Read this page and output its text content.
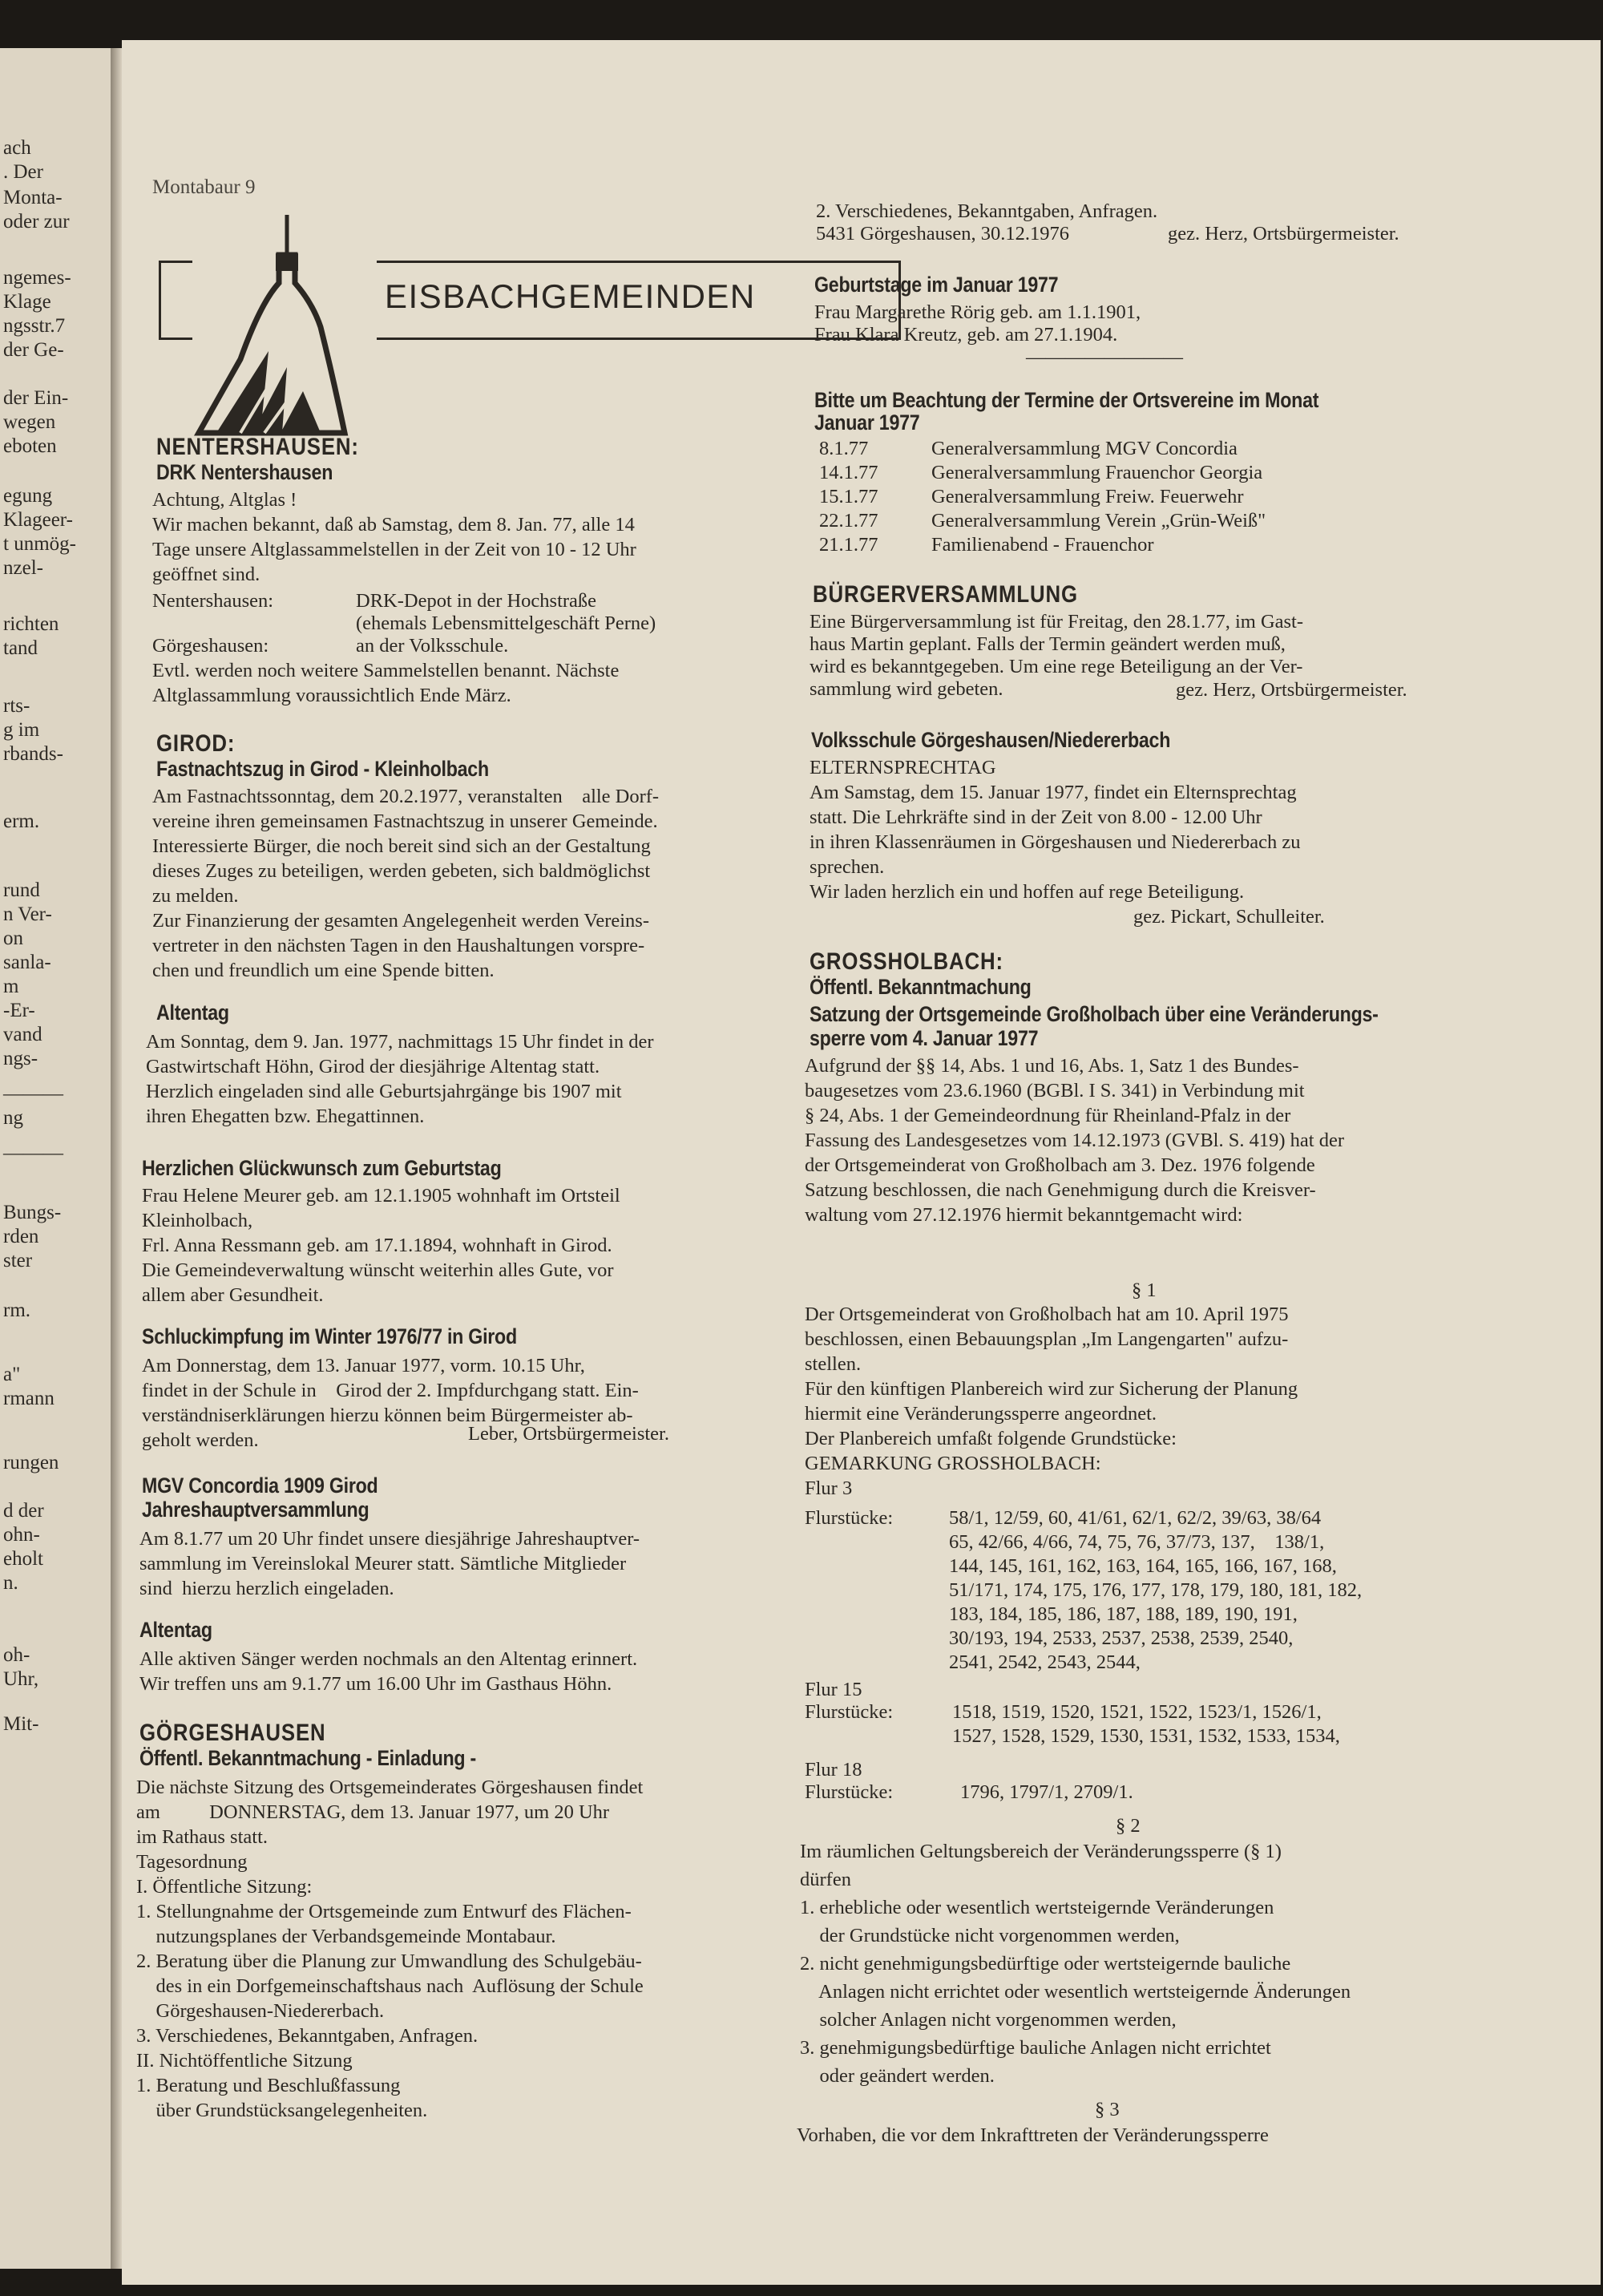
ach
. Der
Monta-
oder zur
ngemes-
Klage
ngsstr.7
der Ge-
der Ein-
wegen
eboten
egung
Klageer-
t unmög-
nzel-
richten
tand
rts-
g im
rbands-
erm.
rund
n Ver-
on
sanla-
m
-Er-
vand
ngs-
———
ng
———
Bungs-
rden
ster
rm.
a"
rmann
rungen
d der
ohn-
eholt
n.
oh-
Uhr,
Mit-
Montabaur 9
EISBACHGEMEINDEN
NENTERSHAUSEN:
DRK Nentershausen
Achtung, Altglas !
Wir machen bekannt, daß ab Samstag, dem 8. Jan. 77, alle 14
Tage unsere Altglassammelstellen in der Zeit von 10 - 12 Uhr
geöffnet sind.
Nentershausen:	DRK-Depot in der Hochstraße
(ehemals Lebensmittelgeschäft Perne)
Görgeshausen:	an der Volksschule.
Evtl. werden noch weitere Sammelstellen benannt. Nächste
Altglassammlung voraussichtlich Ende März.
GIROD:
Fastnachtszug in Girod - Kleinholbach
Am Fastnachtssonntag, dem 20.2.1977, veranstalten    alle Dorf-
vereine ihren gemeinsamen Fastnachtszug in unserer Gemeinde.
Interessierte Bürger, die noch bereit sind sich an der Gestaltung
dieses Zuges zu beteiligen, werden gebeten, sich baldmöglichst
zu melden.
Zur Finanzierung der gesamten Angelegenheit werden Vereins-
vertreter in den nächsten Tagen in den Haushaltungen vorspre-
chen und freundlich um eine Spende bitten.
Altentag
Am Sonntag, dem 9. Jan. 1977, nachmittags 15 Uhr findet in der
Gastwirtschaft Höhn, Girod der diesjährige Altentag statt.
Herzlich eingeladen sind alle Geburtsjahrgänge bis 1907 mit
ihren Ehegatten bzw. Ehegattinnen.
Herzlichen Glückwunsch zum Geburtstag
Frau Helene Meurer geb. am 12.1.1905 wohnhaft im Ortsteil
Kleinholbach,
Frl. Anna Ressmann geb. am 17.1.1894, wohnhaft in Girod.
Die Gemeindeverwaltung wünscht weiterhin alles Gute, vor
allem aber Gesundheit.
Schluckimpfung im Winter 1976/77 in Girod
Am Donnerstag, dem 13. Januar 1977, vorm. 10.15 Uhr,
findet in der Schule in    Girod der 2. Impfdurchgang statt. Ein-
verständniserklärungen hierzu können beim Bürgermeister ab-
geholt werden.	Leber, Ortsbürgermeister.
MGV Concordia 1909 Girod
Jahreshauptversammlung
Am 8.1.77 um 20 Uhr findet unsere diesjährige Jahreshauptver-
sammlung im Vereinslokal Meurer statt. Sämtliche Mitglieder
sind  hierzu herzlich eingeladen.
Altentag
Alle aktiven Sänger werden nochmals an den Altentag erinnert.
Wir treffen uns am 9.1.77 um 16.00 Uhr im Gasthaus Höhn.
GÖRGESHAUSEN
Öffentl. Bekanntmachung - Einladung -
Die nächste Sitzung des Ortsgemeinderates Görgeshausen findet
am          DONNERSTAG, dem 13. Januar 1977, um 20 Uhr
im Rathaus statt.
Tagesordnung
I. Öffentliche Sitzung:
1. Stellungnahme der Ortsgemeinde zum Entwurf des Flächen-
nutzungsplanes der Verbandsgemeinde Montabaur.
2. Beratung über die Planung zur Umwandlung des Schulgebäu-
des in ein Dorfgemeinschaftshaus nach  Auflösung der Schule
Görgeshausen-Niedererbach.
3. Verschiedenes, Bekanntgaben, Anfragen.
II. Nichtöffentliche Sitzung
1. Beratung und Beschlußfassung
über Grundstücksangelegenheiten.
2. Verschiedenes, Bekanntgaben, Anfragen.
5431 Görgeshausen, 30.12.1976	gez. Herz, Ortsbürgermeister.
Geburtstage im Januar 1977
Frau Margarethe Rörig geb. am 1.1.1901,
Frau Klara Kreutz, geb. am 27.1.1904.
————————
Bitte um Beachtung der Termine der Ortsvereine im Monat
Januar 1977
8.1.77	Generalversammlung MGV Concordia
14.1.77	Generalversammlung Frauenchor Georgia
15.1.77	Generalversammlung Freiw. Feuerwehr
22.1.77	Generalversammlung Verein „Grün-Weiß"
21.1.77	Familienabend - Frauenchor
BÜRGERVERSAMMLUNG
Eine Bürgerversammlung ist für Freitag, den 28.1.77, im Gast-
haus Martin geplant. Falls der Termin geändert werden muß,
wird es bekanntgegeben. Um eine rege Beteiligung an der Ver-
sammlung wird gebeten.	gez. Herz, Ortsbürgermeister.
Volksschule Görgeshausen/Niedererbach
ELTERNSPRECHTAG
Am Samstag, dem 15. Januar 1977, findet ein Elternsprechtag
statt. Die Lehrkräfte sind in der Zeit von 8.00 - 12.00 Uhr
in ihren Klassenräumen in Görgeshausen und Niedererbach zu
sprechen.
Wir laden herzlich ein und hoffen auf rege Beteiligung.
gez. Pickart, Schulleiter.
GROSSHOLBACH:
Öffentl. Bekanntmachung
Satzung der Ortsgemeinde Großholbach über eine Veränderungs-
sperre vom 4. Januar 1977
Aufgrund der §§ 14, Abs. 1 und 16, Abs. 1, Satz 1 des Bundes-
baugesetzes vom 23.6.1960 (BGBl. I S. 341) in Verbindung mit
§ 24, Abs. 1 der Gemeindeordnung für Rheinland-Pfalz in der
Fassung des Landesgesetzes vom 14.12.1973 (GVBl. S. 419) hat der
der Ortsgemeinderat von Großholbach am 3. Dez. 1976 folgende
Satzung beschlossen, die nach Genehmigung durch die Kreisver-
waltung vom 27.12.1976 hiermit bekanntgemacht wird:
§ 1
Der Ortsgemeinderat von Großholbach hat am 10. April 1975
beschlossen, einen Bebauungsplan „Im Langengarten" aufzu-
stellen.
Für den künftigen Planbereich wird zur Sicherung der Planung
hiermit eine Veränderungssperre angeordnet.
Der Planbereich umfaßt folgende Grundstücke:
GEMARKUNG GROSSHOLBACH:
Flur 3
Flurstücke:	58/1, 12/59, 60, 41/61, 62/1, 62/2, 39/63, 38/64
65, 42/66, 4/66, 74, 75, 76, 37/73, 137,    138/1,
144, 145, 161, 162, 163, 164, 165, 166, 167, 168,
51/171, 174, 175, 176, 177, 178, 179, 180, 181, 182,
183, 184, 185, 186, 187, 188, 189, 190, 191,
30/193, 194, 2533, 2537, 2538, 2539, 2540,
2541, 2542, 2543, 2544,
Flur 15
Flurstücke:	1518, 1519, 1520, 1521, 1522, 1523/1, 1526/1,
1527, 1528, 1529, 1530, 1531, 1532, 1533, 1534,
Flur 18
Flurstücke:	1796, 1797/1, 2709/1.
§ 2
Im räumlichen Geltungsbereich der Veränderungssperre (§ 1)
dürfen
1. erhebliche oder wesentlich wertsteigernde Veränderungen
der Grundstücke nicht vorgenommen werden,
2. nicht genehmigungsbedürftige oder wertsteigernde bauliche
Anlagen nicht errichtet oder wesentlich wertsteigernde Änderungen
solcher Anlagen nicht vorgenommen werden,
3. genehmigungsbedürftige bauliche Anlagen nicht errichtet
oder geändert werden.
§ 3
Vorhaben, die vor dem Inkrafttreten der Veränderungssperre
